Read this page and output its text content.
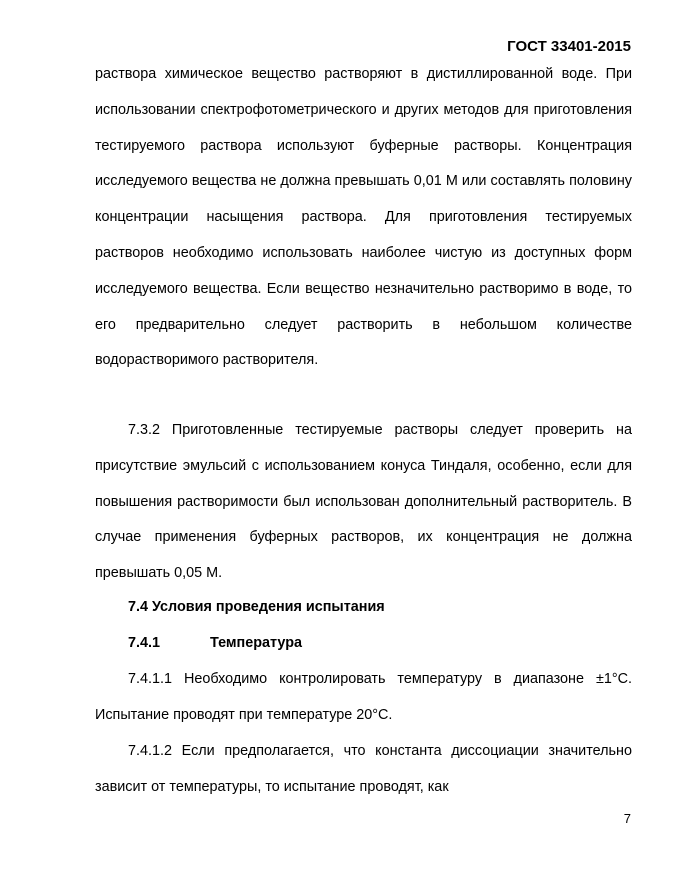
ГОСТ 33401-2015
раствора химическое вещество растворяют в дистиллированной воде. При использовании спектрофотометрического и других методов для приготовления тестируемого раствора используют буферные растворы. Концентрация исследуемого вещества не должна превышать 0,01 М или составлять половину концентрации насыщения раствора. Для приготовления тестируемых растворов необходимо использовать наиболее чистую из доступных форм исследуемого вещества. Если вещество незначительно растворимо в воде, то его предварительно следует растворить в небольшом количестве водорастворимого растворителя.
7.3.2 Приготовленные тестируемые растворы следует проверить на присутствие эмульсий с использованием конуса Тиндаля, особенно, если для повышения растворимости был использован дополнительный растворитель. В случае применения буферных растворов, их концентрация не должна превышать 0,05 М.
7.4 Условия проведения испытания
7.4.1	Температура
7.4.1.1 Необходимо контролировать температуру в диапазоне ±1°С. Испытание проводят при температуре 20°С.
7.4.1.2 Если предполагается, что константа диссоциации значительно зависит от температуры, то испытание проводят, как
7
